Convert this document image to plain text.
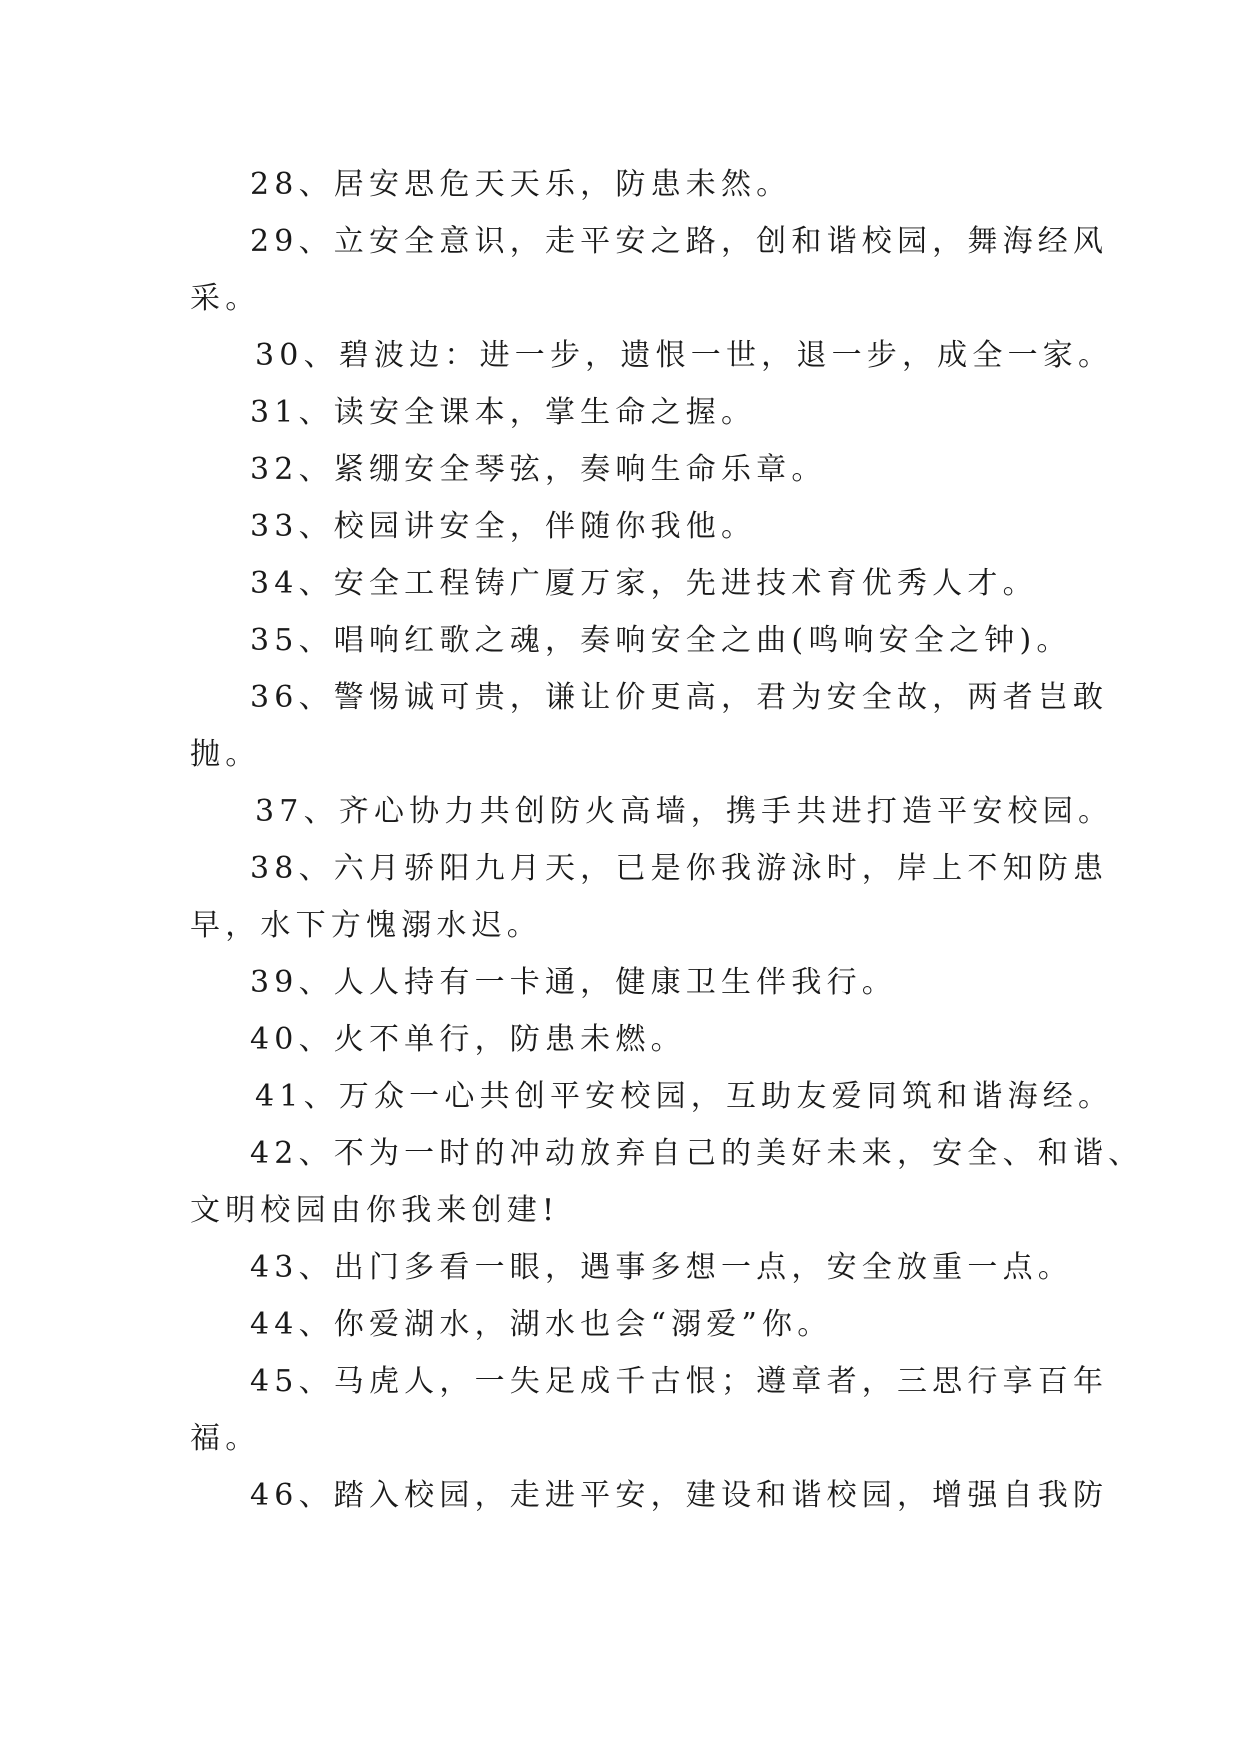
28、居安思危天天乐，防患未然。
29、立安全意识，走平安之路，创和谐校园，舞海经风
采。
30、碧波边：进一步，遗恨一世，退一步，成全一家。
31、读安全课本，掌生命之握。
32、紧绷安全琴弦，奏响生命乐章。
33、校园讲安全，伴随你我他。
34、安全工程铸广厦万家，先进技术育优秀人才。
35、唱响红歌之魂，奏响安全之曲(鸣响安全之钟)。
36、警惕诚可贵，谦让价更高，君为安全故，两者岂敢
抛。
37、齐心协力共创防火高墙，携手共进打造平安校园。
38、六月骄阳九月天，已是你我游泳时，岸上不知防患
早，水下方愧溺水迟。
39、人人持有一卡通，健康卫生伴我行。
40、火不单行，防患未燃。
41、万众一心共创平安校园，互助友爱同筑和谐海经。
42、不为一时的冲动放弃自己的美好未来，安全、和谐、
文明校园由你我来创建!
43、出门多看一眼，遇事多想一点，安全放重一点。
44、你爱湖水，湖水也会“溺爱”你。
45、马虎人，一失足成千古恨；遵章者，三思行享百年
福。
46、踏入校园，走进平安，建设和谐校园，增强自我防
